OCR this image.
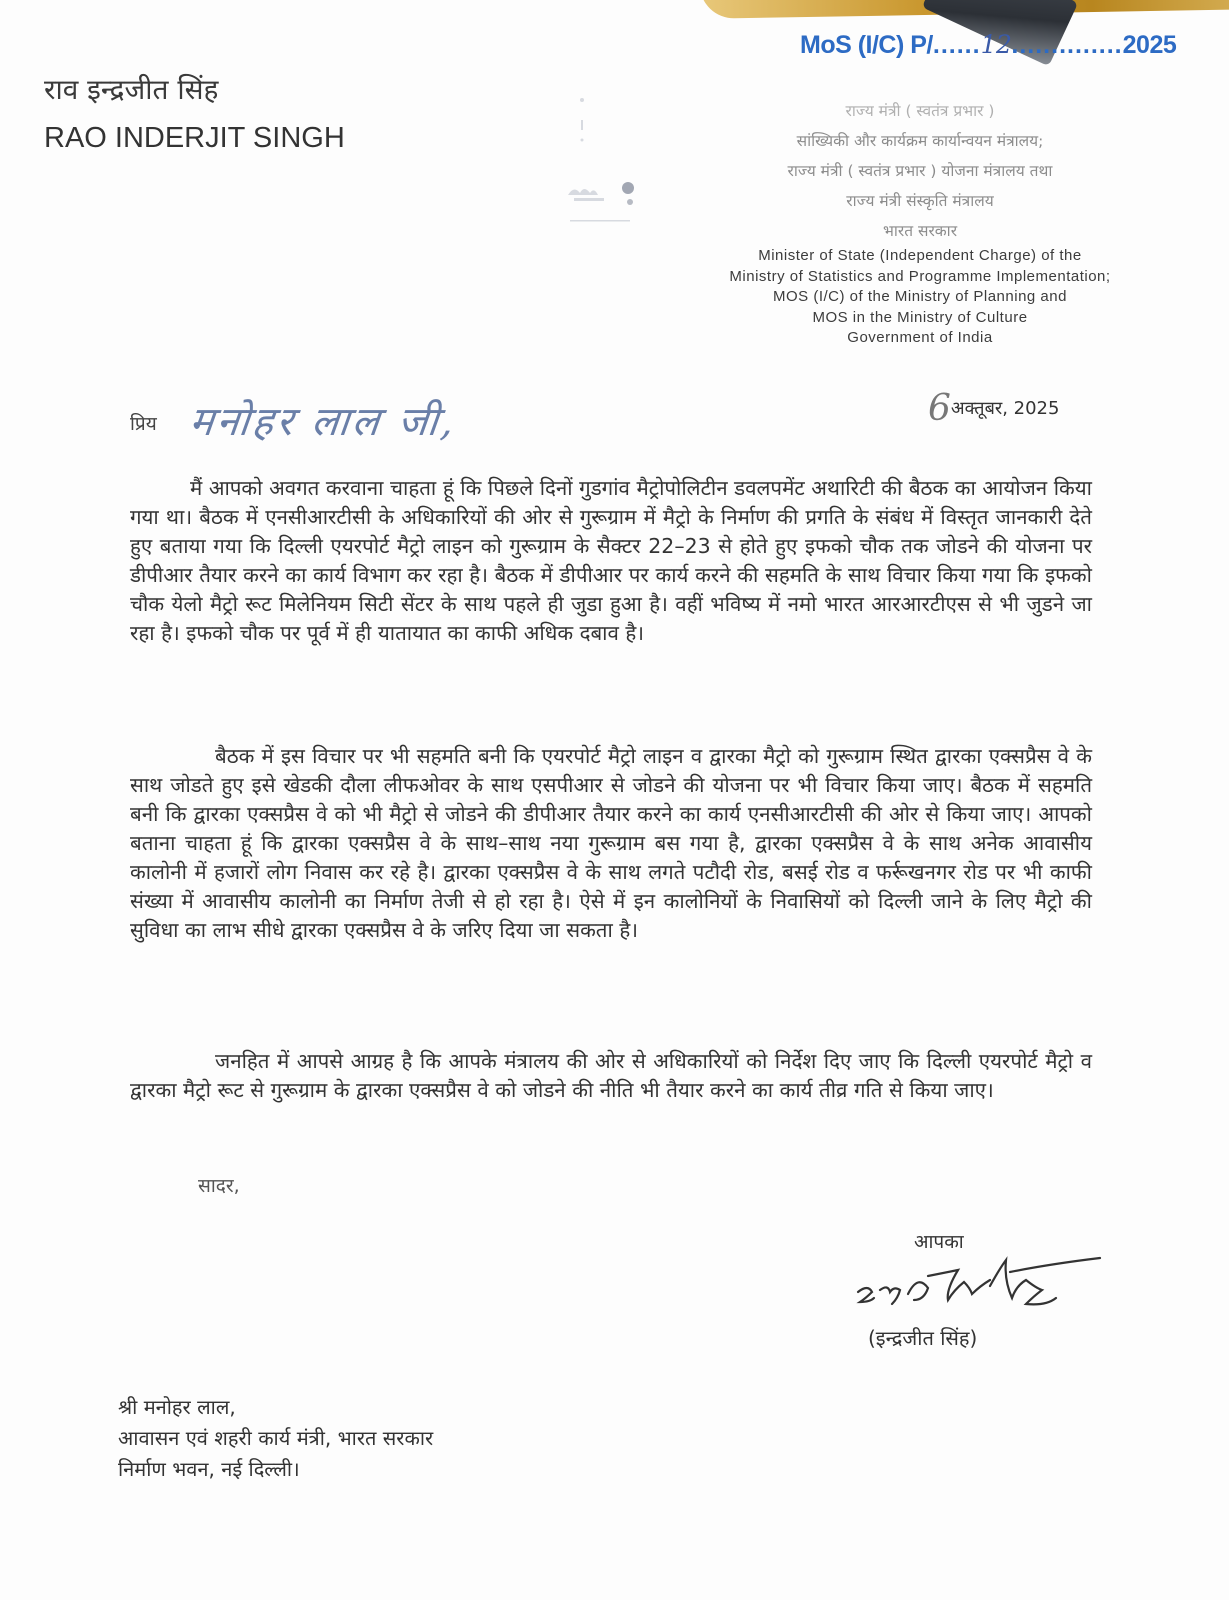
MoS (I/C) P/......12..............2025
राव इन्द्रजीत सिंह
RAO INDERJIT SINGH
राज्य मंत्री ( स्वतंत्र प्रभार )
सांख्यिकी और कार्यक्रम कार्यान्वयन मंत्रालय;
राज्य मंत्री ( स्वतंत्र प्रभार ) योजना मंत्रालय तथा
राज्य मंत्री संस्कृति मंत्रालय
भारत सरकार
Minister of State (Independent Charge) of the
Ministry of Statistics and Programme Implementation;
MOS (I/C) of the Ministry of Planning and
MOS in the Ministry of Culture
Government of India
प्रिय मनोहर लाल जी,	6अक्तूबर, 2025

मैं आपको अवगत करवाना चाहता हूं कि पिछले दिनों गुडगांव मैट्रोपोलिटीन डवलपमेंट अथारिटी की बैठक का आयोजन किया गया था। बैठक में एनसीआरटीसी के अधिकारियों की ओर से गुरूग्राम में मैट्रो के निर्माण की प्रगति के संबंध में विस्तृत जानकारी देते हुए बताया गया कि दिल्ली एयरपोर्ट मैट्रो लाइन को गुरूग्राम के सैक्टर 22–23 से होते हुए इफको चौक तक जोडने की योजना पर डीपीआर तैयार करने का कार्य विभाग कर रहा है। बैठक में डीपीआर पर कार्य करने की सहमति के साथ विचार किया गया कि इफको चौक येलो मैट्रो रूट मिलेनियम सिटी सेंटर के साथ पहले ही जुडा हुआ है। वहीं भविष्य में नमो भारत आरआरटीएस से भी जुडने जा रहा है। इफको चौक पर पूर्व में ही यातायात का काफी अधिक दबाव है।

बैठक में इस विचार पर भी सहमति बनी कि एयरपोर्ट मैट्रो लाइन व द्वारका मैट्रो को गुरूग्राम स्थित द्वारका एक्सप्रैस वे के साथ जोडते हुए इसे खेडकी दौला लीफओवर के साथ एसपीआर से जोडने की योजना पर भी विचार किया जाए। बैठक में सहमति बनी कि द्वारका एक्सप्रैस वे को भी मैट्रो से जोडने की डीपीआर तैयार करने का कार्य एनसीआरटीसी की ओर से किया जाए। आपको बताना चाहता हूं कि द्वारका एक्सप्रैस वे के साथ–साथ नया गुरूग्राम बस गया है, द्वारका एक्सप्रैस वे के साथ अनेक आवासीय कालोनी में हजारों लोग निवास कर रहे है। द्वारका एक्सप्रैस वे के साथ लगते पटौदी रोड, बसई रोड व फर्रूखनगर रोड पर भी काफी संख्या में आवासीय कालोनी का निर्माण तेजी से हो रहा है। ऐसे में इन कालोनियों के निवासियों को दिल्ली जाने के लिए मैट्रो की सुविधा का लाभ सीधे द्वारका एक्सप्रैस वे के जरिए दिया जा सकता है।

जनहित में आपसे आग्रह है कि आपके मंत्रालय की ओर से अधिकारियों को निर्देश दिए जाए कि दिल्ली एयरपोर्ट मैट्रो व द्वारका मैट्रो रूट से गुरूग्राम के द्वारका एक्सप्रैस वे को जोडने की नीति भी तैयार करने का कार्य तीव्र गति से किया जाए।

सादर,
आपका
(इन्द्रजीत सिंह)
श्री मनोहर लाल,
आवासन एवं शहरी कार्य मंत्री, भारत सरकार
निर्माण भवन, नई दिल्ली।
